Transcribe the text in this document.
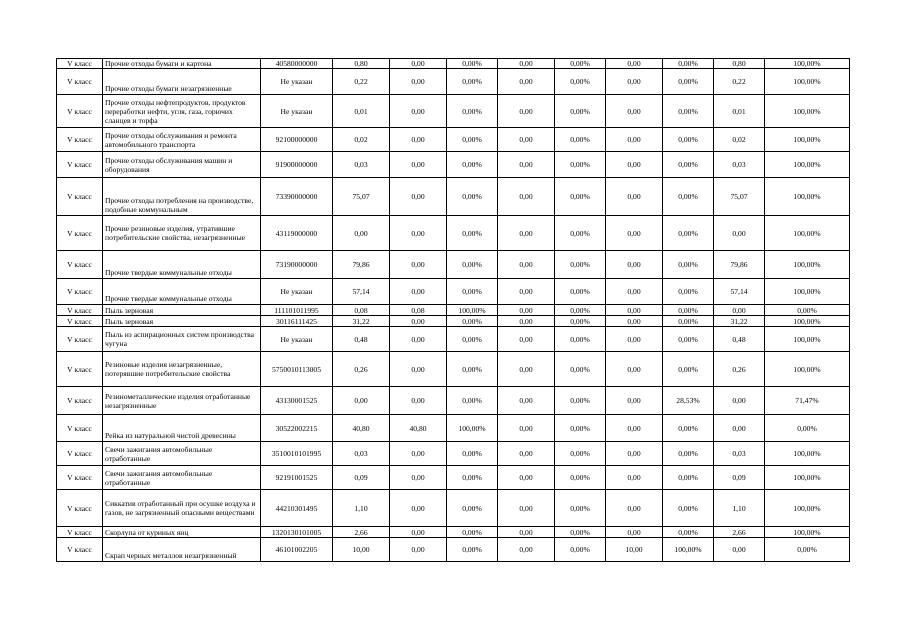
V класс	Прочие отходы бумаги и картона	40580000000	0,80	0,00	0,00%	0,00	0,00%	0,00	0,00%	0,80	100,00%
V класс	Прочие отходы бумаги незагрязненные	Не указан	0,22	0,00	0,00%	0,00	0,00%	0,00	0,00%	0,22	100,00%
V класс	Прочие отходы нефтепродуктов, продуктов переработки нефти, угля, газа, горючих сланцев и торфа	Не указан	0,01	0,00	0,00%	0,00	0,00%	0,00	0,00%	0,01	100,00%
V класс	Прочие отходы обслуживания и ремонта автомобильного транспорта	92100000000	0,02	0,00	0,00%	0,00	0,00%	0,00	0,00%	0,02	100,00%
V класс	Прочие отходы обслуживания машин и оборудования	91900000000	0,03	0,00	0,00%	0,00	0,00%	0,00	0,00%	0,03	100,00%
V класс	Прочие отходы потребления на производстве, подобные коммунальным	73390000000	75,07	0,00	0,00%	0,00	0,00%	0,00	0,00%	75,07	100,00%
V класс	Прочие резиновые изделия, утратившие потребительские свойства, незагрязненные	43119000000	0,00	0,00	0,00%	0,00	0,00%	0,00	0,00%	0,00	100,00%
V класс	Прочие твердые коммунальные отходы	73190000000	79,86	0,00	0,00%	0,00	0,00%	0,00	0,00%	79,86	100,00%
V класс	Прочие твердые коммунальные отходы	Не указан	57,14	0,00	0,00%	0,00	0,00%	0,00	0,00%	57,14	100,00%
V класс	Пыль зерновая	111101011995	0,08	0,08	100,00%	0,00	0,00%	0,00	0,00%	0,00	0,00%
V класс	Пыль зерновая	30116111425	31,22	0,00	0,00%	0,00	0,00%	0,00	0,00%	31,22	100,00%
V класс	Пыль из аспирационных систем производства чугуна	Не указан	0,48	0,00	0,00%	0,00	0,00%	0,00	0,00%	0,48	100,00%
V класс	Резиновые изделия незагрязненные, потерявшие потребительские свойства	5750010113005	0,26	0,00	0,00%	0,00	0,00%	0,00	0,00%	0,26	100,00%
V класс	Резинометаллические изделия отработанные незагрязненные	43130001525	0,00	0,00	0,00%	0,00	0,00%	0,00	28,53%	0,00	71,47%
V класс	Рейка из натуральной чистой древесины	30522002215	40,80	40,80	100,00%	0,00	0,00%	0,00	0,00%	0,00	0,00%
V класс	Свечи зажигания автомобильные отработанные	3510010101995	0,03	0,00	0,00%	0,00	0,00%	0,00	0,00%	0,03	100,00%
V класс	Свечи зажигания автомобильные отработанные	92191001525	0,09	0,00	0,00%	0,00	0,00%	0,00	0,00%	0,09	100,00%
V класс	Сиккатив отработанный при осушке воздуха и газов, не загрязненный опасными веществами	44210301495	1,10	0,00	0,00%	0,00	0,00%	0,00	0,00%	1,10	100,00%
V класс	Скорлупа от куриных яиц	1320130101005	2,66	0,00	0,00%	0,00	0,00%	0,00	0,00%	2,66	100,00%
V класс	Скрап черных металлов незагрязненный	46101002205	10,00	0,00	0,00%	0,00	0,00%	10,00	100,00%	0,00	0,00%
